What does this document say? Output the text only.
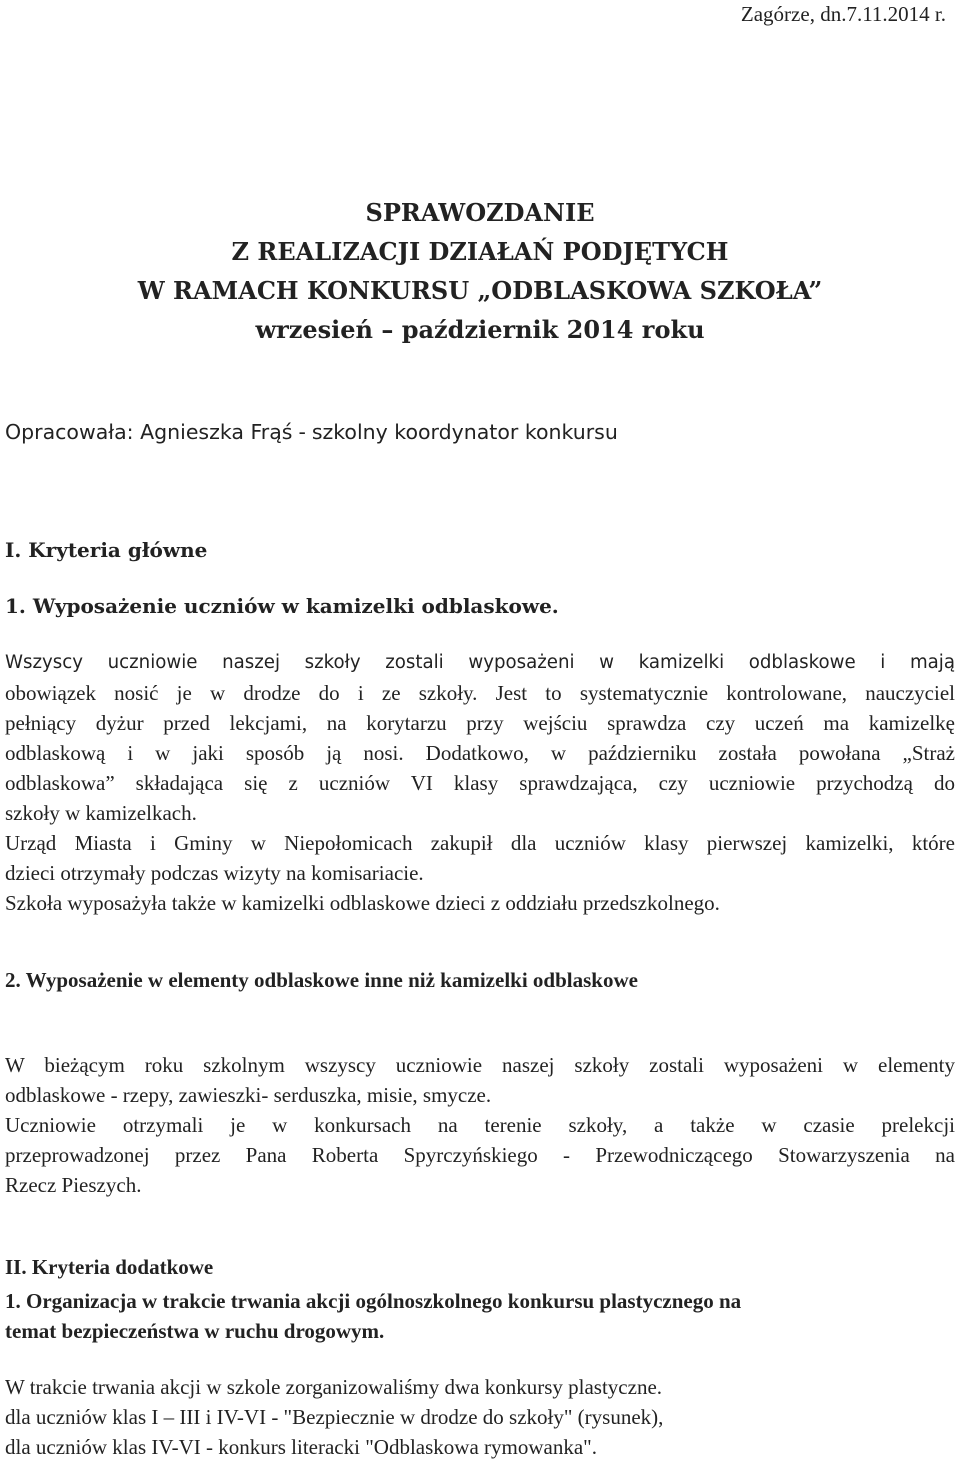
Zagórze, dn.7.11.2014 r.
SPRAWOZDANIE
Z REALIZACJI DZIAŁAŃ PODJĘTYCH
W RAMACH KONKURSU „ODBLASKOWA SZKOŁA”
wrzesień – październik 2014 roku
Opracowała: Agnieszka Frąś - szkolny koordynator konkursu
I. Kryteria główne
1. Wyposażenie uczniów w kamizelki odblaskowe.
Wszyscy uczniowie naszej szkoły zostali wyposażeni w kamizelki odblaskowe i mają
obowiązek nosić je w drodze do i ze szkoły. Jest to systematycznie kontrolowane, nauczyciel
pełniący dyżur przed lekcjami, na korytarzu przy wejściu sprawdza czy uczeń ma kamizelkę
odblaskową i w jaki sposób ją nosi. Dodatkowo, w październiku została powołana „Straż
odblaskowa” składająca się z uczniów VI klasy sprawdzająca, czy uczniowie przychodzą do
szkoły w kamizelkach.
Urząd Miasta i Gminy w Niepołomicach zakupił dla uczniów klasy pierwszej kamizelki, które
dzieci otrzymały podczas wizyty na komisariacie.
Szkoła wyposażyła także w kamizelki odblaskowe dzieci z oddziału przedszkolnego.
2. Wyposażenie w elementy odblaskowe inne niż kamizelki odblaskowe
W bieżącym roku szkolnym wszyscy uczniowie naszej szkoły zostali wyposażeni w elementy
odblaskowe - rzepy, zawieszki- serduszka, misie, smycze.
Uczniowie otrzymali je w konkursach na terenie szkoły, a także w czasie prelekcji
przeprowadzonej przez Pana Roberta Spyrczyńskiego - Przewodniczącego Stowarzyszenia na
Rzecz Pieszych.
II. Kryteria dodatkowe
1. Organizacja w trakcie trwania akcji ogólnoszkolnego konkursu plastycznego na
temat bezpieczeństwa w ruchu drogowym.
W trakcie trwania akcji w szkole zorganizowaliśmy dwa konkursy plastyczne.
dla uczniów klas I – III i IV-VI - "Bezpiecznie w drodze do szkoły" (rysunek),
dla uczniów klas IV-VI - konkurs literacki "Odblaskowa rymowanka".
